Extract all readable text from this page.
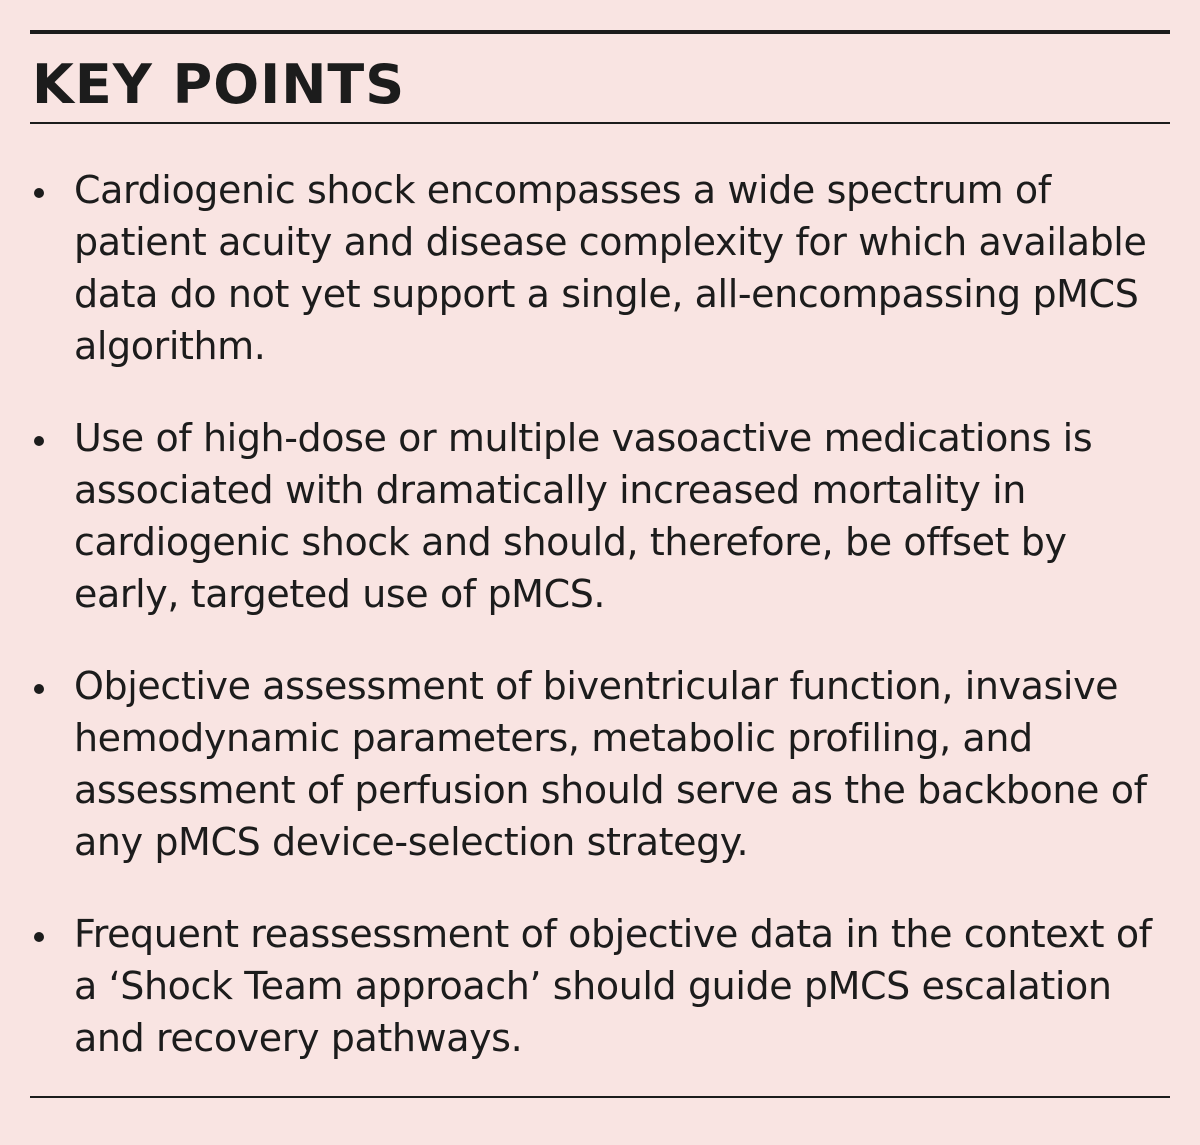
KEY POINTS
Cardiogenic shock encompasses a wide spectrum of patient acuity and disease complexity for which available data do not yet support a single, all-encompassing pMCS algorithm.
Use of high-dose or multiple vasoactive medications is associated with dramatically increased mortality in cardiogenic shock and should, therefore, be offset by early, targeted use of pMCS.
Objective assessment of biventricular function, invasive hemodynamic parameters, metabolic profiling, and assessment of perfusion should serve as the backbone of any pMCS device-selection strategy.
Frequent reassessment of objective data in the context of a ‘Shock Team approach’ should guide pMCS escalation and recovery pathways.
